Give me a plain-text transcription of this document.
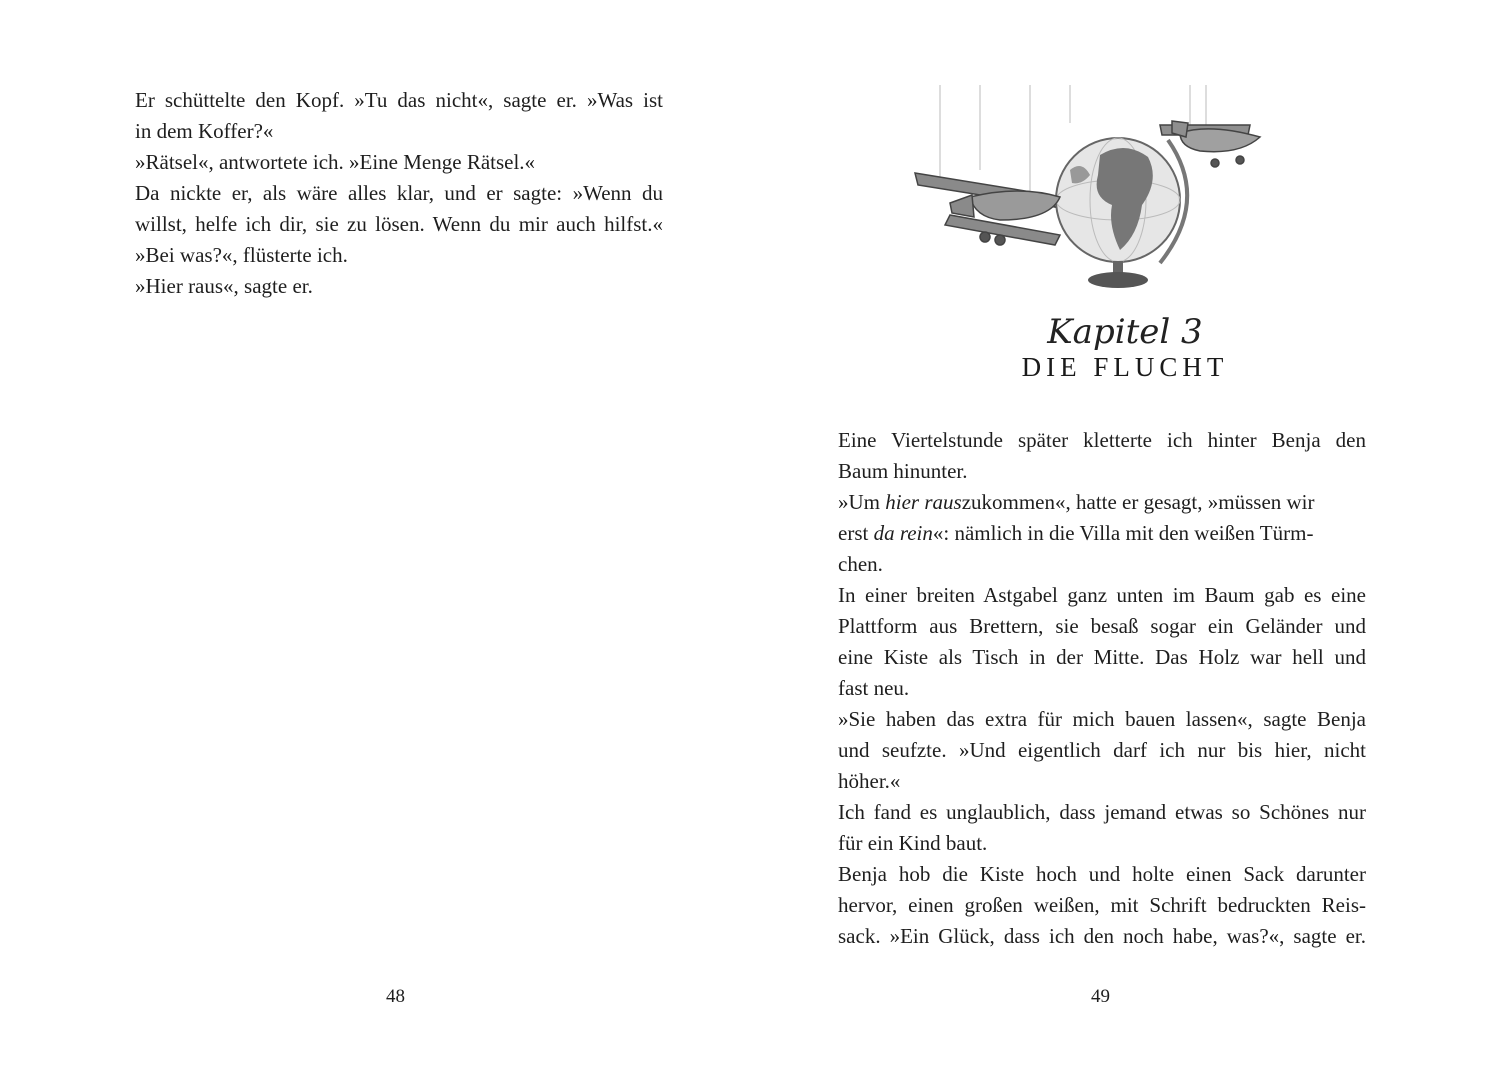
Er schüttelte den Kopf. »Tu das nicht«, sagte er. »Was ist
in dem Koffer?«
»Rätsel«, antwortete ich. »Eine Menge Rätsel.«
Da nickte er, als wäre alles klar, und er sagte: »Wenn du
willst, helfe ich dir, sie zu lösen. Wenn du mir auch hilfst.«
»Bei was?«, flüsterte ich.
»Hier raus«, sagte er.
48
Kapitel 3
DIE FLUCHT
Eine Viertelstunde später kletterte ich hinter Benja den
Baum hinunter.
»Um hier rauszukommen«, hatte er gesagt, »müssen wir
erst da rein«: nämlich in die Villa mit den weißen Türm-
chen.
In einer breiten Astgabel ganz unten im Baum gab es eine
Plattform aus Brettern, sie besaß sogar ein Geländer und
eine Kiste als Tisch in der Mitte. Das Holz war hell und
fast neu.
»Sie haben das extra für mich bauen lassen«, sagte Benja
und seufzte. »Und eigentlich darf ich nur bis hier, nicht
höher.«
Ich fand es unglaublich, dass jemand etwas so Schönes nur
für ein Kind baut.
Benja hob die Kiste hoch und holte einen Sack darunter
hervor, einen großen weißen, mit Schrift bedruckten Reis-
sack. »Ein Glück, dass ich den noch habe, was?«, sagte er.
49
